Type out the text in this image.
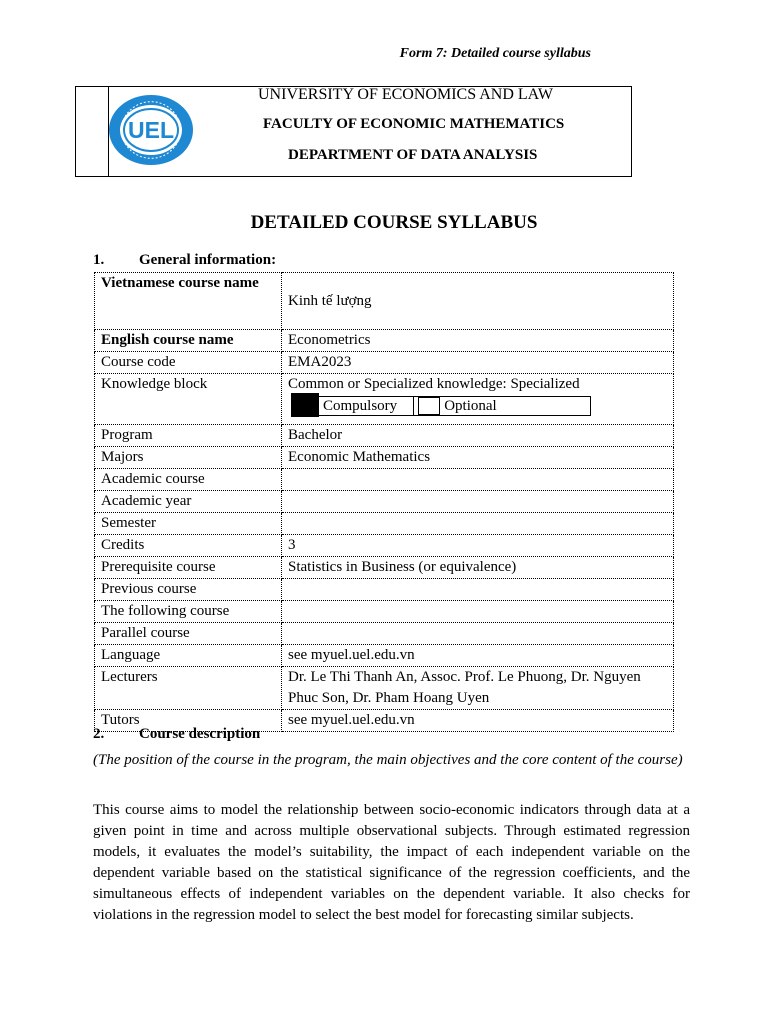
Form 7: Detailed course syllabus
UEL
UNIVERSITY OF ECONOMICS AND LAW
FACULTY OF ECONOMIC MATHEMATICS
DEPARTMENT OF DATA ANALYSIS
DETAILED COURSE SYLLABUS
1. General information:
Vietnamese course name	Kinh tế lượng
English course name	Econometrics
Course code	EMA2023
Knowledge block	Common or Specialized knowledge: Specialized
Compulsory Optional

Program	Bachelor
Majors	Economic Mathematics
Academic course	
Academic year	
Semester	
Credits	3
Prerequisite course	Statistics in Business (or equivalence)
Previous course	
The following course	
Parallel course	
Language	see myuel.uel.edu.vn
Lecturers	Dr. Le Thi Thanh An, Assoc. Prof. Le Phuong, Dr. Nguyen Phuc Son, Dr. Pham Hoang Uyen
Tutors	see myuel.uel.edu.vn
2. Course description
(The position of the course in the program, the main objectives and the core content of the course)
This course aims to model the relationship between socio-economic indicators through data at a given point in time and across multiple observational subjects. Through estimated regression models, it evaluates the model’s suitability, the impact of each independent variable on the dependent variable based on the statistical significance of the regression coefficients, and the simultaneous effects of independent variables on the dependent variable. It also checks for violations in the regression model to select the best model for forecasting similar subjects.
